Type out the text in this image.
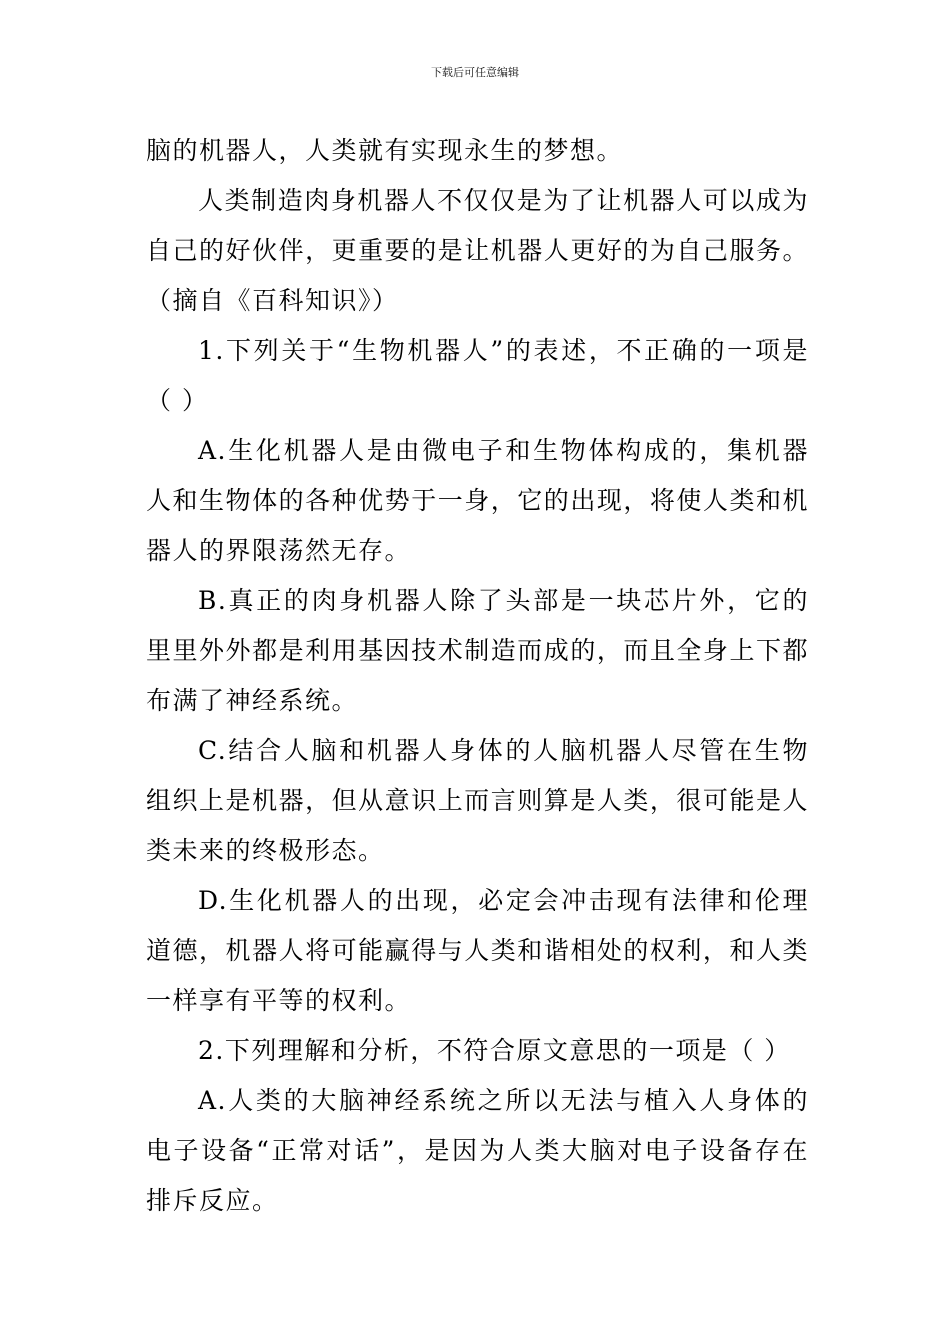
下载后可任意编辑

脑的机器人，人类就有实现永生的梦想。

人类制造肉身机器人不仅仅是为了让机器人可以成为自己的好伙伴，更重要的是让机器人更好的为自己服务。（摘自《百科知识》）

1.下列关于“生物机器人”的表述，不正确的一项是（ ）

A.生化机器人是由微电子和生物体构成的，集机器人和生物体的各种优势于一身，它的出现，将使人类和机器人的界限荡然无存。

B.真正的肉身机器人除了头部是一块芯片外，它的里里外外都是利用基因技术制造而成的，而且全身上下都布满了神经系统。

C.结合人脑和机器人身体的人脑机器人尽管在生物组织上是机器，但从意识上而言则算是人类，很可能是人类未来的终极形态。

D.生化机器人的出现，必定会冲击现有法律和伦理道德，机器人将可能赢得与人类和谐相处的权利，和人类一样享有平等的权利。

2.下列理解和分析，不符合原文意思的一项是（ ）

A.人类的大脑神经系统之所以无法与植入人身体的电子设备“正常对话”，是因为人类大脑对电子设备存在排斥反应。
